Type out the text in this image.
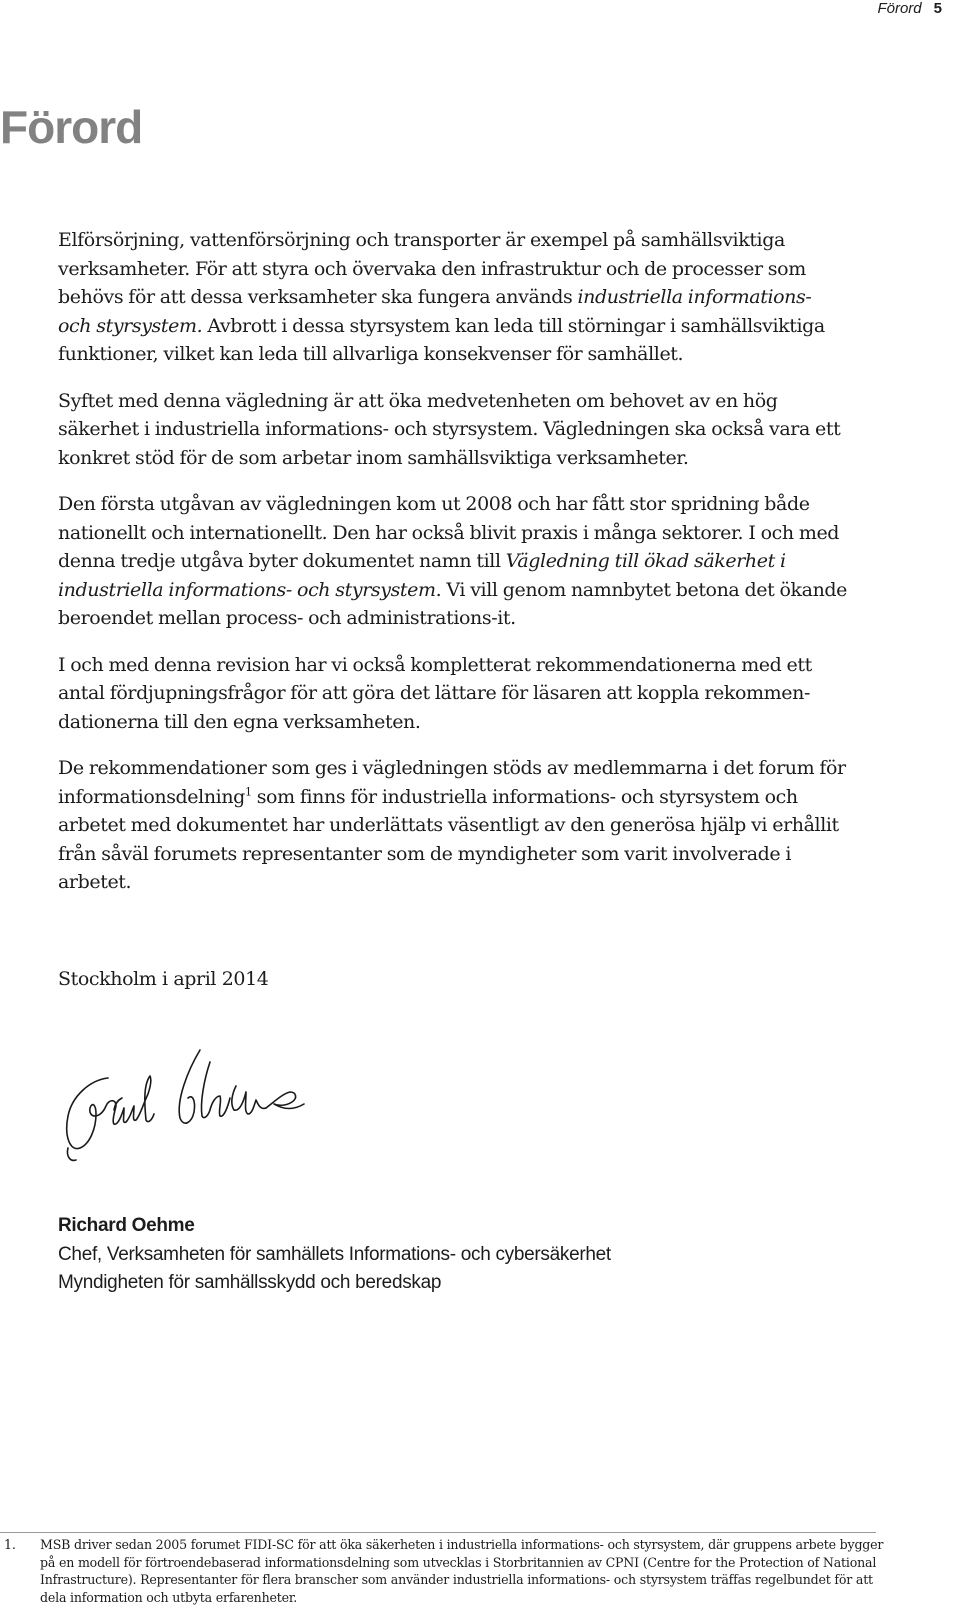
Förord 5
Förord

Elförsörjning, vattenförsörjning och transporter är exempel på samhällsviktiga verksamheter. För att styra och övervaka den infrastruktur och de processer som behövs för att dessa verksamheter ska fungera används industriella informations- och styrsystem. Avbrott i dessa styrsystem kan leda till störningar i samhällsviktiga funktioner, vilket kan leda till allvarliga konsekvenser för samhället.

Syftet med denna vägledning är att öka medvetenheten om behovet av en hög säkerhet i industriella informations- och styrsystem. Vägledningen ska också vara ett konkret stöd för de som arbetar inom samhällsviktiga verksamheter.

Den första utgåvan av vägledningen kom ut 2008 och har fått stor spridning både nationellt och internationellt. Den har också blivit praxis i många sektorer. I och med denna tredje utgåva byter dokumentet namn till Vägledning till ökad säkerhet i industriella informations- och styrsystem. Vi vill genom namnbytet betona det ökande beroendet mellan process- och administrations-it.

I och med denna revision har vi också kompletterat rekommendationerna med ett antal fördjupningsfrågor för att göra det lättare för läsaren att koppla rekommendationerna till den egna verksamheten.

De rekommendationer som ges i vägledningen stöds av medlemmarna i det forum för informationsdelning$^1$ som finns för industriella informations- och styrsystem och arbetet med dokumentet har underlättats väsentligt av den generösa hjälp vi erhållit från såväl forumets representanter som de myndigheter som varit involverade i arbetet.

Stockholm i april 2014
Richard Oehme
Chef, Verksamheten för samhällets Informations- och cybersäkerhet
Myndigheten för samhällsskydd och beredskap
1. MSB driver sedan 2005 forumet FIDI-SC för att öka säkerheten i industriella informations- och styrsystem, där gruppens arbete bygger på en modell för förtroendebaserad informationsdelning som utvecklas i Storbritannien av CPNI (Centre for the Protection of National Infrastructure). Representanter för flera branscher som använder industriella informations- och styrsystem träffas regelbundet för att dela information och utbyta erfarenheter.
